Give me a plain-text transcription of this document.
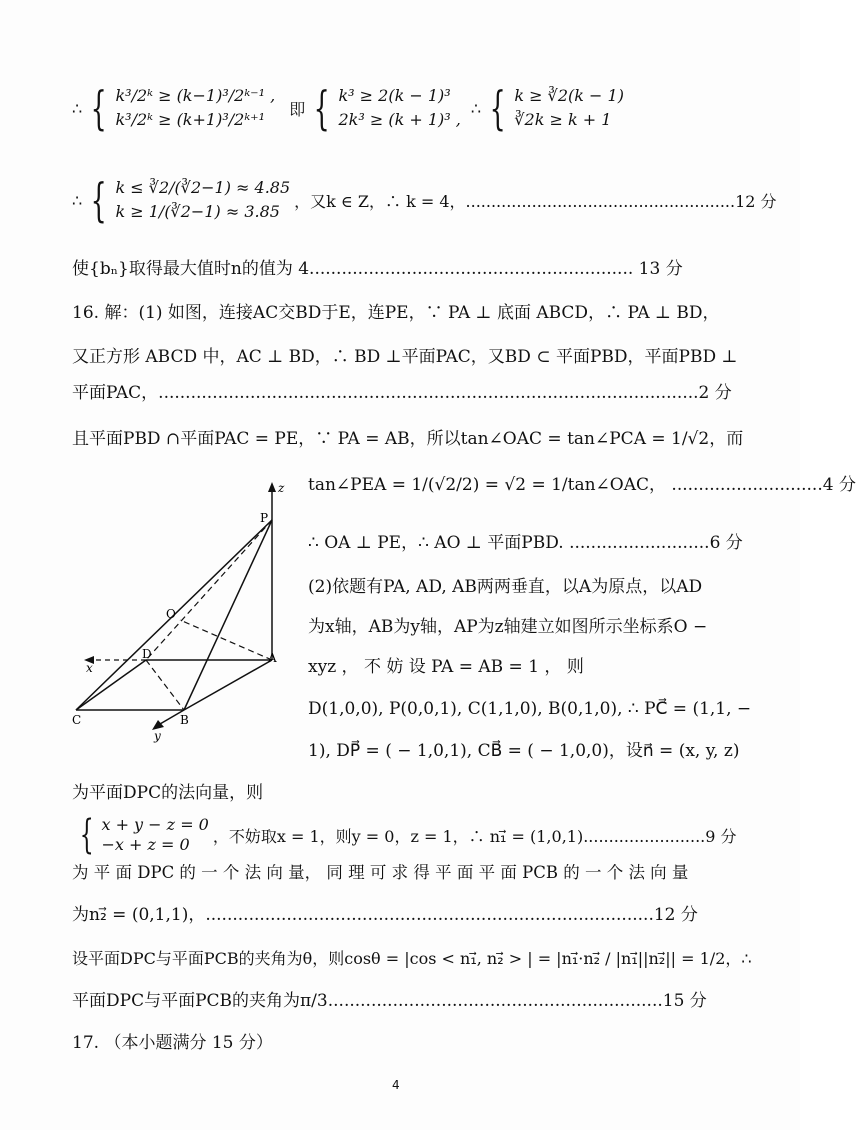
∴ { k³/2ᵏ ≥ (k−1)³/2ᵏ⁻¹ ,
k³/2ᵏ ≥ (k+1)³/2ᵏ⁺¹
即 { k³ ≥ 2(k − 1)³
2k³ ≥ (k + 1)³ ,
∴ { k ≥ ∛2(k − 1)
∛2k ≥ k + 1
∴ { k ≤ ∛2/(∛2−1) ≈ 4.85
k ≥ 1/(∛2−1) ≈ 3.85
，又k ∈ Z，∴ k = 4，.....................................................12 分
使{bₙ}取得最大值时n的值为 4............................................................ 13 分
16. 解：(1) 如图，连接AC交BD于E，连PE，∵ PA ⊥ 底面 ABCD，∴ PA ⊥ BD，
又正方形 ABCD 中，AC ⊥ BD，∴ BD ⊥平面PAC，又BD ⊂ 平面PBD，平面PBD ⊥
平面PAC，....................................................................................................2 分
且平面PBD ∩平面PAC = PE，∵ PA = AB，所以tan∠OAC = tan∠PCA = 1/√2，而
z
P
O
D	A
x
C	B
y
tan∠PEA = 1/(√2/2) = √2 = 1/tan∠OAC， ............................4 分
∴ OA ⊥ PE，∴ AO ⊥ 平面PBD. ..........................6 分
(2)依题有PA, AD, AB两两垂直，以A为原点，以AD
为x轴，AB为y轴，AP为z轴建立如图所示坐标系O −
xyz ， 不 妨 设 PA = AB = 1 ， 则
D(1,0,0), P(0,0,1), C(1,1,0), B(0,1,0), ∴ PC⃗ = (1,1, −
1), DP⃗ = ( − 1,0,1), CB⃗ = ( − 1,0,0)，设n⃗ = (x, y, z)
为平面DPC的法向量，则
{ x + y − z = 0
−x + z = 0	，不妨取x = 1，则y = 0，z = 1，∴ n₁⃗ = (1,0,1)........................9 分
为 平 面 DPC 的 一 个 法 向 量， 同 理 可 求 得 平 面 平 面 PCB 的 一 个 法 向 量
为n₂⃗ = (0,1,1)，...................................................................................12 分
设平面DPC与平面PCB的夹角为θ，则cosθ = |cos < n₁⃗, n₂⃗ > | = |n₁⃗·n₂⃗ / |n₁⃗||n₂⃗|| = 1/2，∴
平面DPC与平面PCB的夹角为π/3..............................................................15 分
17. （本小题满分 15 分）
4
